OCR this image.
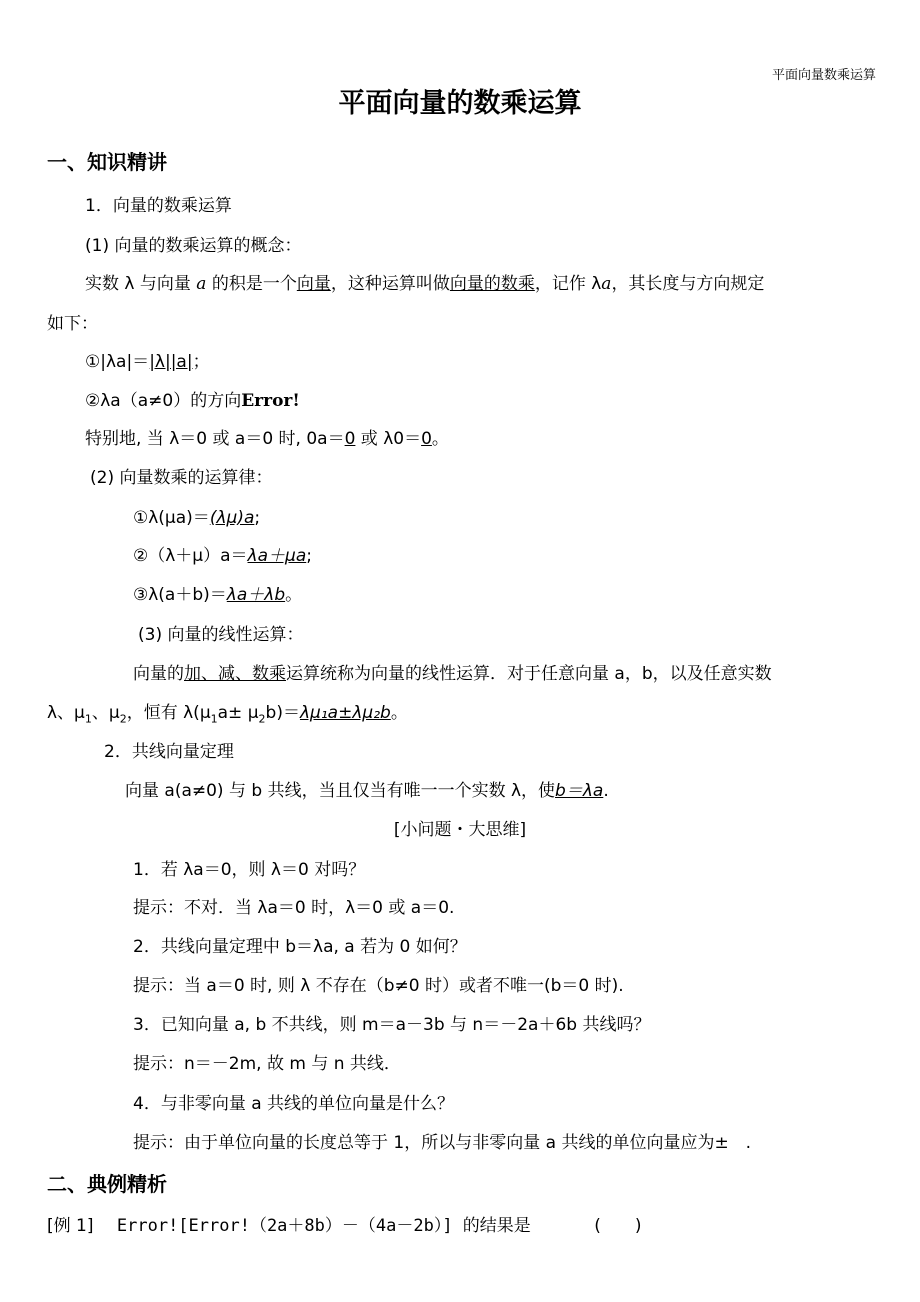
平面向量数乘运算
平面向量的数乘运算
一、知识精讲
1．向量的数乘运算
(1) 向量的数乘运算的概念：
实数 λ 与向量 a 的积是一个向量，这种运算叫做向量的数乘，记作 λa，其长度与方向规定
如下：
①|λa|＝|λ||a|；
②λa（a≠0）的方向Error!
特别地, 当 λ＝0 或 a＝0 时, 0a＝0 或 λ0＝0。
(2) 向量数乘的运算律：
①λ(μa)＝(λμ)a;
②（λ＋μ）a＝λa＋μa;
③λ(a＋b)＝λa＋λb。
(3) 向量的线性运算：
向量的加、减、数乘运算统称为向量的线性运算．对于任意向量 a，b，以及任意实数
λ、$\mu_1$、$\mu_2$，恒有 $\lambda(\mu_1a\pm \mu_2b)=\lambda\mu_1a\pm\lambda\mu_2b$。
2．共线向量定理
向量 a(a≠0) 与 b 共线，当且仅当有唯一一个实数 λ，使b＝λa.
[小问题・大思维]
1．若 λa＝0，则 λ＝0 对吗？
提示：不对．当 λa＝0 时，λ＝0 或 a＝0.
2．共线向量定理中 b＝λa, a 若为 0 如何？
提示：当 a＝0 时, 则 λ 不存在（b≠0 时）或者不唯一(b＝0 时).
3．已知向量 a, b 不共线，则 m＝a－3b 与 n＝－2a＋6b 共线吗？
提示：n＝－2m, 故 m 与 n 共线．
4．与非零向量 a 共线的单位向量是什么？
提示：由于单位向量的长度总等于 1，所以与非零向量 a 共线的单位向量应为±　.
二、典例精析
[例 1] Error![Error!（2a＋8b）－（4a－2b）] 的结果是	(　　)
